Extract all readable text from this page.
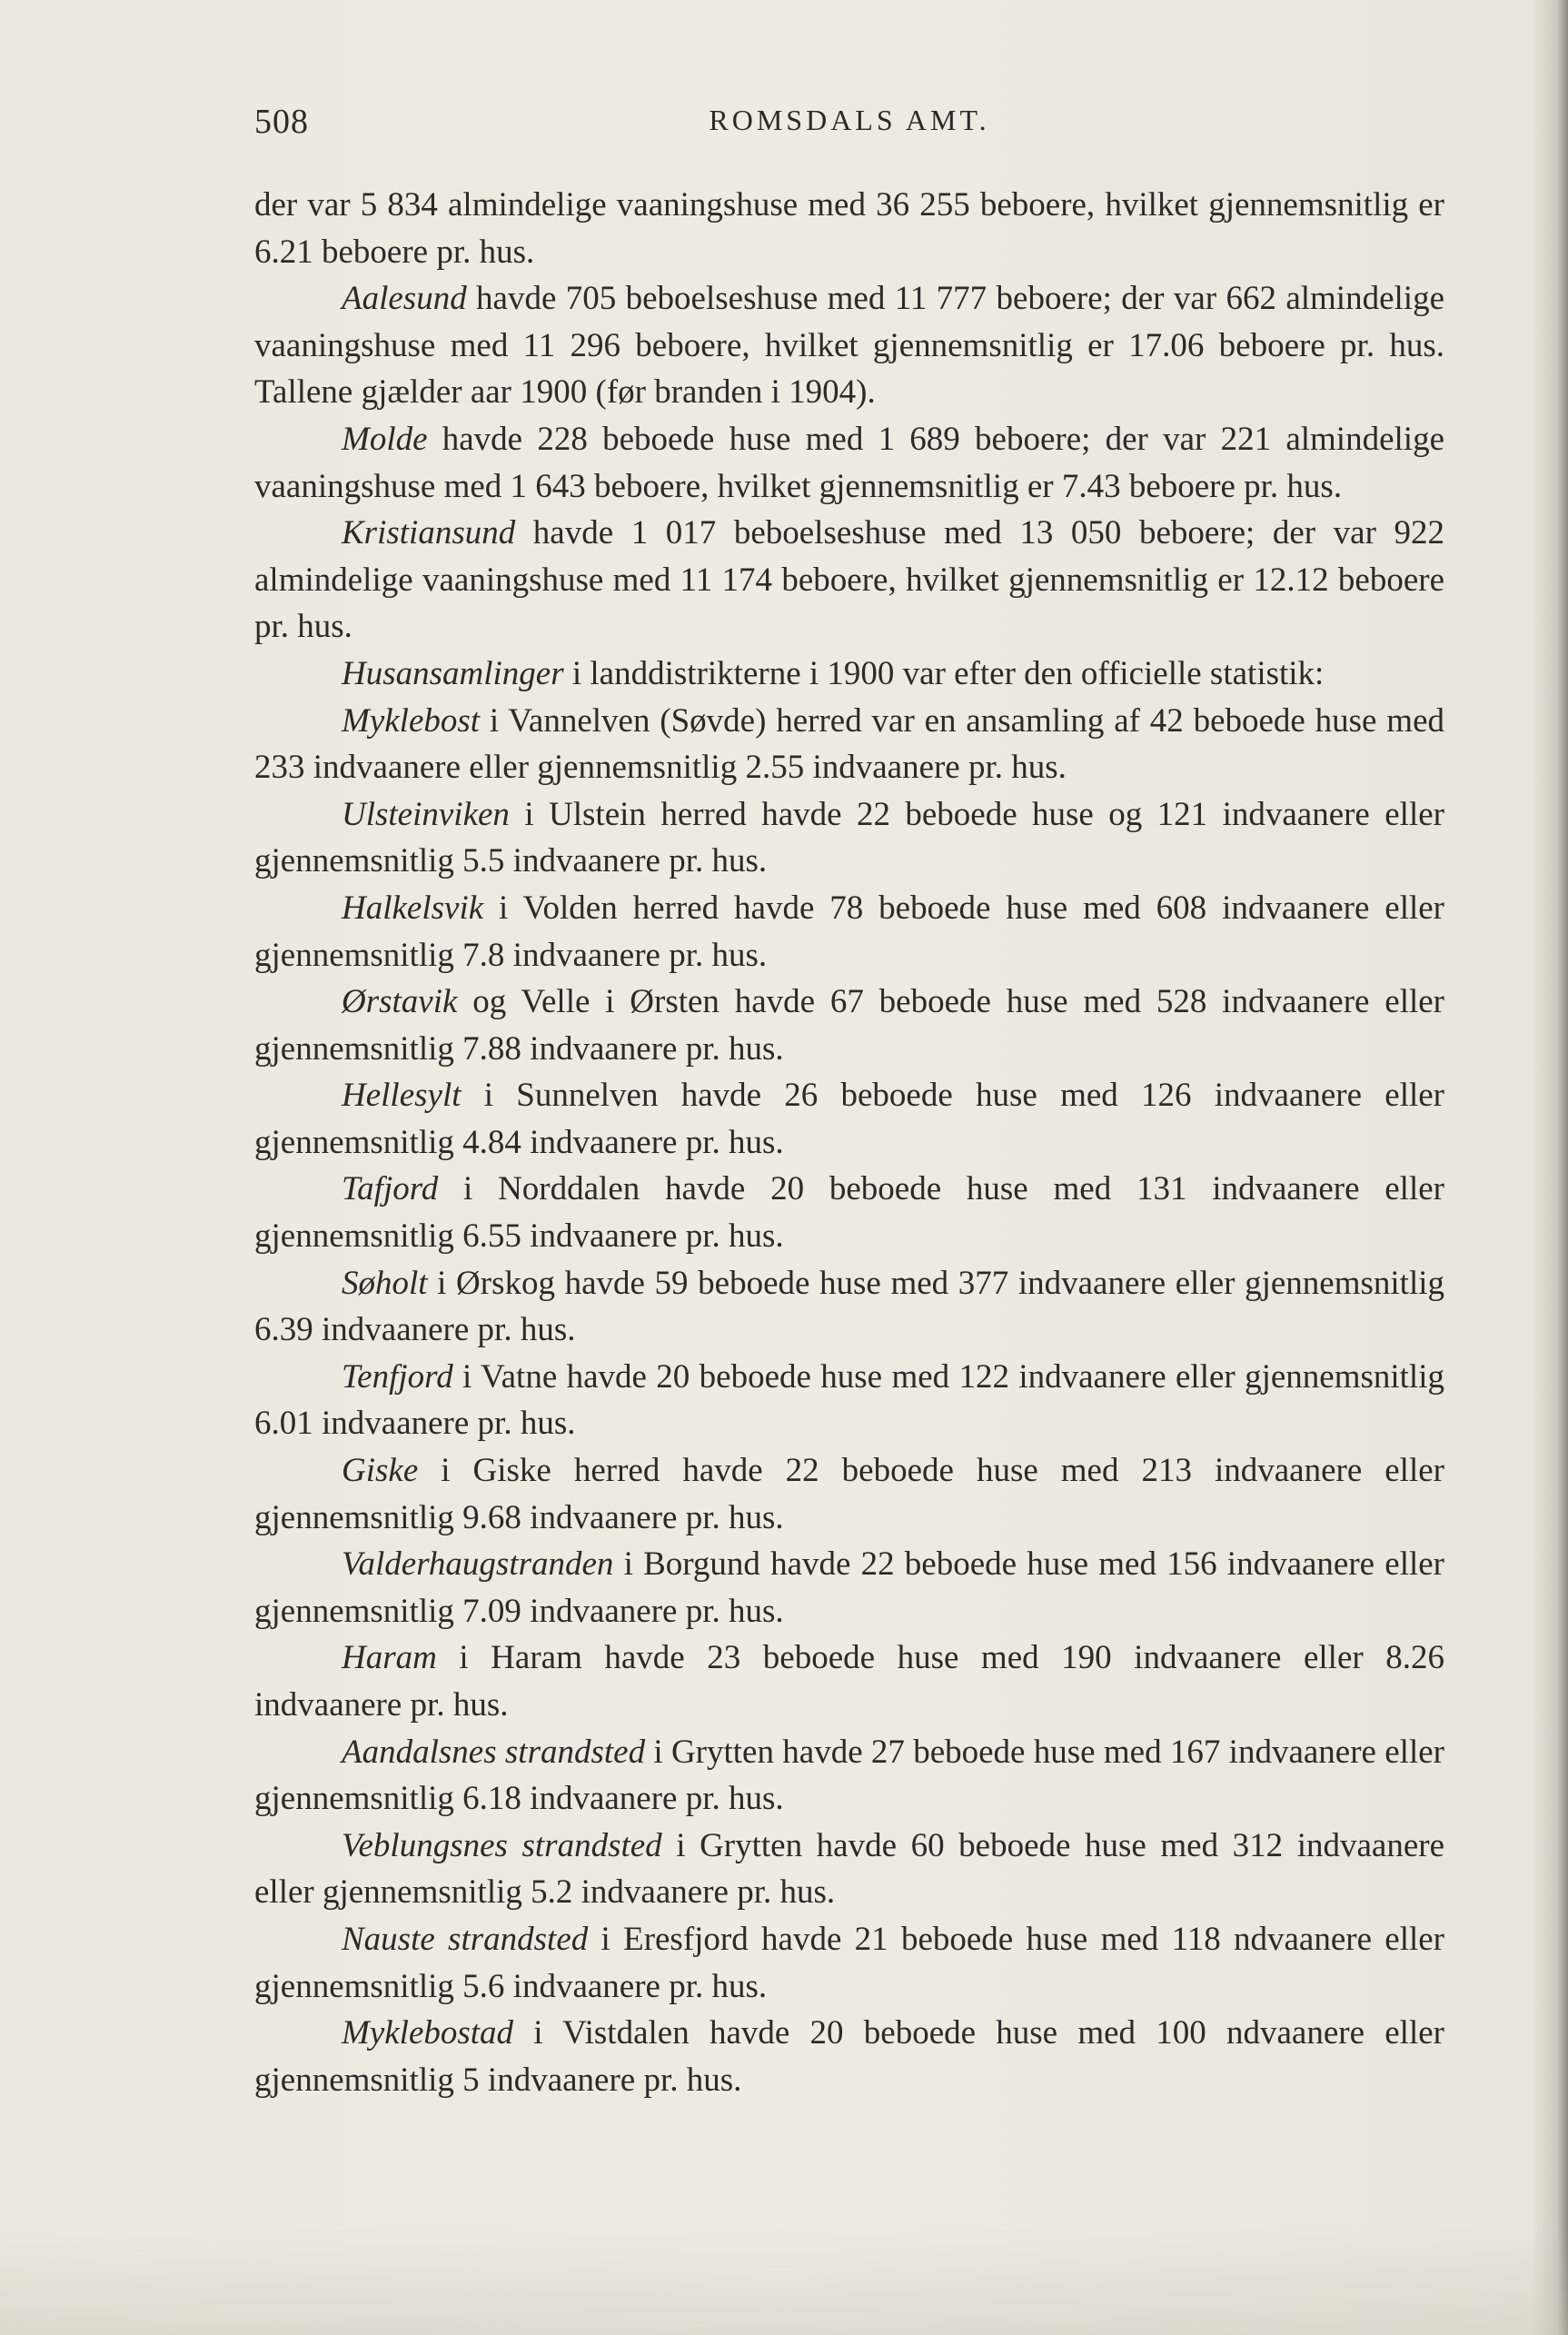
508	ROMSDALS AMT.

der var 5 834 almindelige vaaningshuse med 36 255 beboere, hvilket gjennemsnitlig er 6.21 beboere pr. hus.

Aalesund havde 705 beboelseshuse med 11 777 beboere; der var 662 almindelige vaaningshuse med 11 296 beboere, hvilket gjennemsnitlig er 17.06 beboere pr. hus. Tallene gjælder aar 1900 (før branden i 1904).

Molde havde 228 beboede huse med 1 689 beboere; der var 221 almindelige vaaningshuse med 1 643 beboere, hvilket gjennemsnitlig er 7.43 beboere pr. hus.

Kristiansund havde 1 017 beboelseshuse med 13 050 beboere; der var 922 almindelige vaaningshuse med 11 174 beboere, hvilket gjennemsnitlig er 12.12 beboere pr. hus.

Husansamlinger i landdistrikterne i 1900 var efter den officielle statistik:

Myklebost i Vannelven (Søvde) herred var en ansamling af 42 beboede huse med 233 indvaanere eller gjennemsnitlig 2.55 indvaanere pr. hus.

Ulsteinviken i Ulstein herred havde 22 beboede huse og 121 indvaanere eller gjennemsnitlig 5.5 indvaanere pr. hus.

Halkelsvik i Volden herred havde 78 beboede huse med 608 indvaanere eller gjennemsnitlig 7.8 indvaanere pr. hus.

Ørstavik og Velle i Ørsten havde 67 beboede huse med 528 indvaanere eller gjennemsnitlig 7.88 indvaanere pr. hus.

Hellesylt i Sunnelven havde 26 beboede huse med 126 indvaanere eller gjennemsnitlig 4.84 indvaanere pr. hus.

Tafjord i Norddalen havde 20 beboede huse med 131 indvaanere eller gjennemsnitlig 6.55 indvaanere pr. hus.

Søholt i Ørskog havde 59 beboede huse med 377 indvaanere eller gjennemsnitlig 6.39 indvaanere pr. hus.

Tenfjord i Vatne havde 20 beboede huse med 122 indvaanere eller gjennemsnitlig 6.01 indvaanere pr. hus.

Giske i Giske herred havde 22 beboede huse med 213 indvaanere eller gjennemsnitlig 9.68 indvaanere pr. hus.

Valderhaugstranden i Borgund havde 22 beboede huse med 156 indvaanere eller gjennemsnitlig 7.09 indvaanere pr. hus.

Haram i Haram havde 23 beboede huse med 190 indvaanere eller 8.26 indvaanere pr. hus.

Aandalsnes strandsted i Grytten havde 27 beboede huse med 167 indvaanere eller gjennemsnitlig 6.18 indvaanere pr. hus.

Veblungsnes strandsted i Grytten havde 60 beboede huse med 312 indvaanere eller gjennemsnitlig 5.2 indvaanere pr. hus.

Nauste strandsted i Eresfjord havde 21 beboede huse med 118 ndvaanere eller gjennemsnitlig 5.6 indvaanere pr. hus.

Myklebostad i Vistdalen havde 20 beboede huse med 100 ndvaanere eller gjennemsnitlig 5 indvaanere pr. hus.
